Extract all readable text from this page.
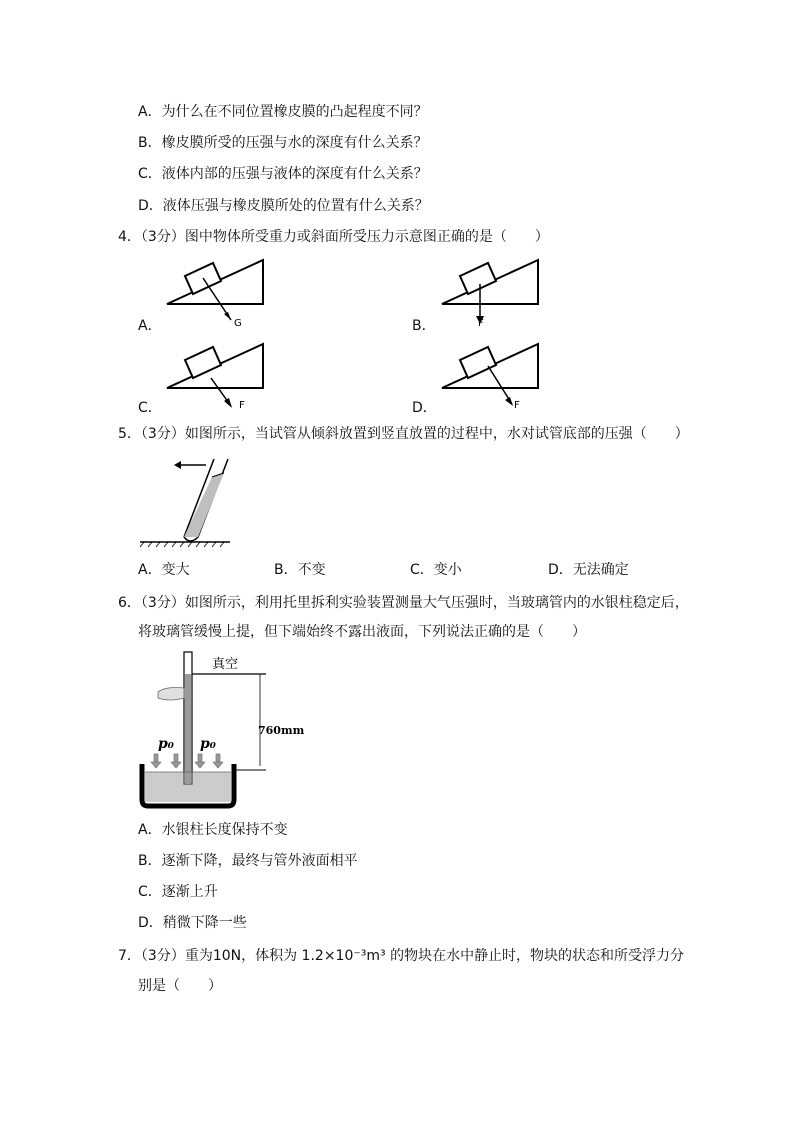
A．为什么在不同位置橡皮膜的凸起程度不同？
B．橡皮膜所受的压强与水的深度有什么关系？
C．液体内部的压强与液体的深度有什么关系？
D．液体压强与橡皮膜所处的位置有什么关系？
4．（3分）图中物体所受重力或斜面所受压力示意图正确的是（　　）
G
A．	F
B．
F
C．	F
D．
5．（3分）如图所示，当试管从倾斜放置到竖直放置的过程中，水对试管底部的压强（　　）
A．变大	B．不变	C．变小	D．无法确定
6．（3分）如图所示，利用托里拆利实验装置测量大气压强时，当玻璃管内的水银柱稳定后，
将玻璃管缓慢上提，但下端始终不露出液面，下列说法正确的是（　　）
真空
760mm
p₀ p₀
A．水银柱长度保持不变
B．逐渐下降，最终与管外液面相平
C．逐渐上升
D．稍微下降一些
7．（3分）重为10N，体积为 1.2×10⁻³m³ 的物块在水中静止时，物块的状态和所受浮力分
别是（　　）
